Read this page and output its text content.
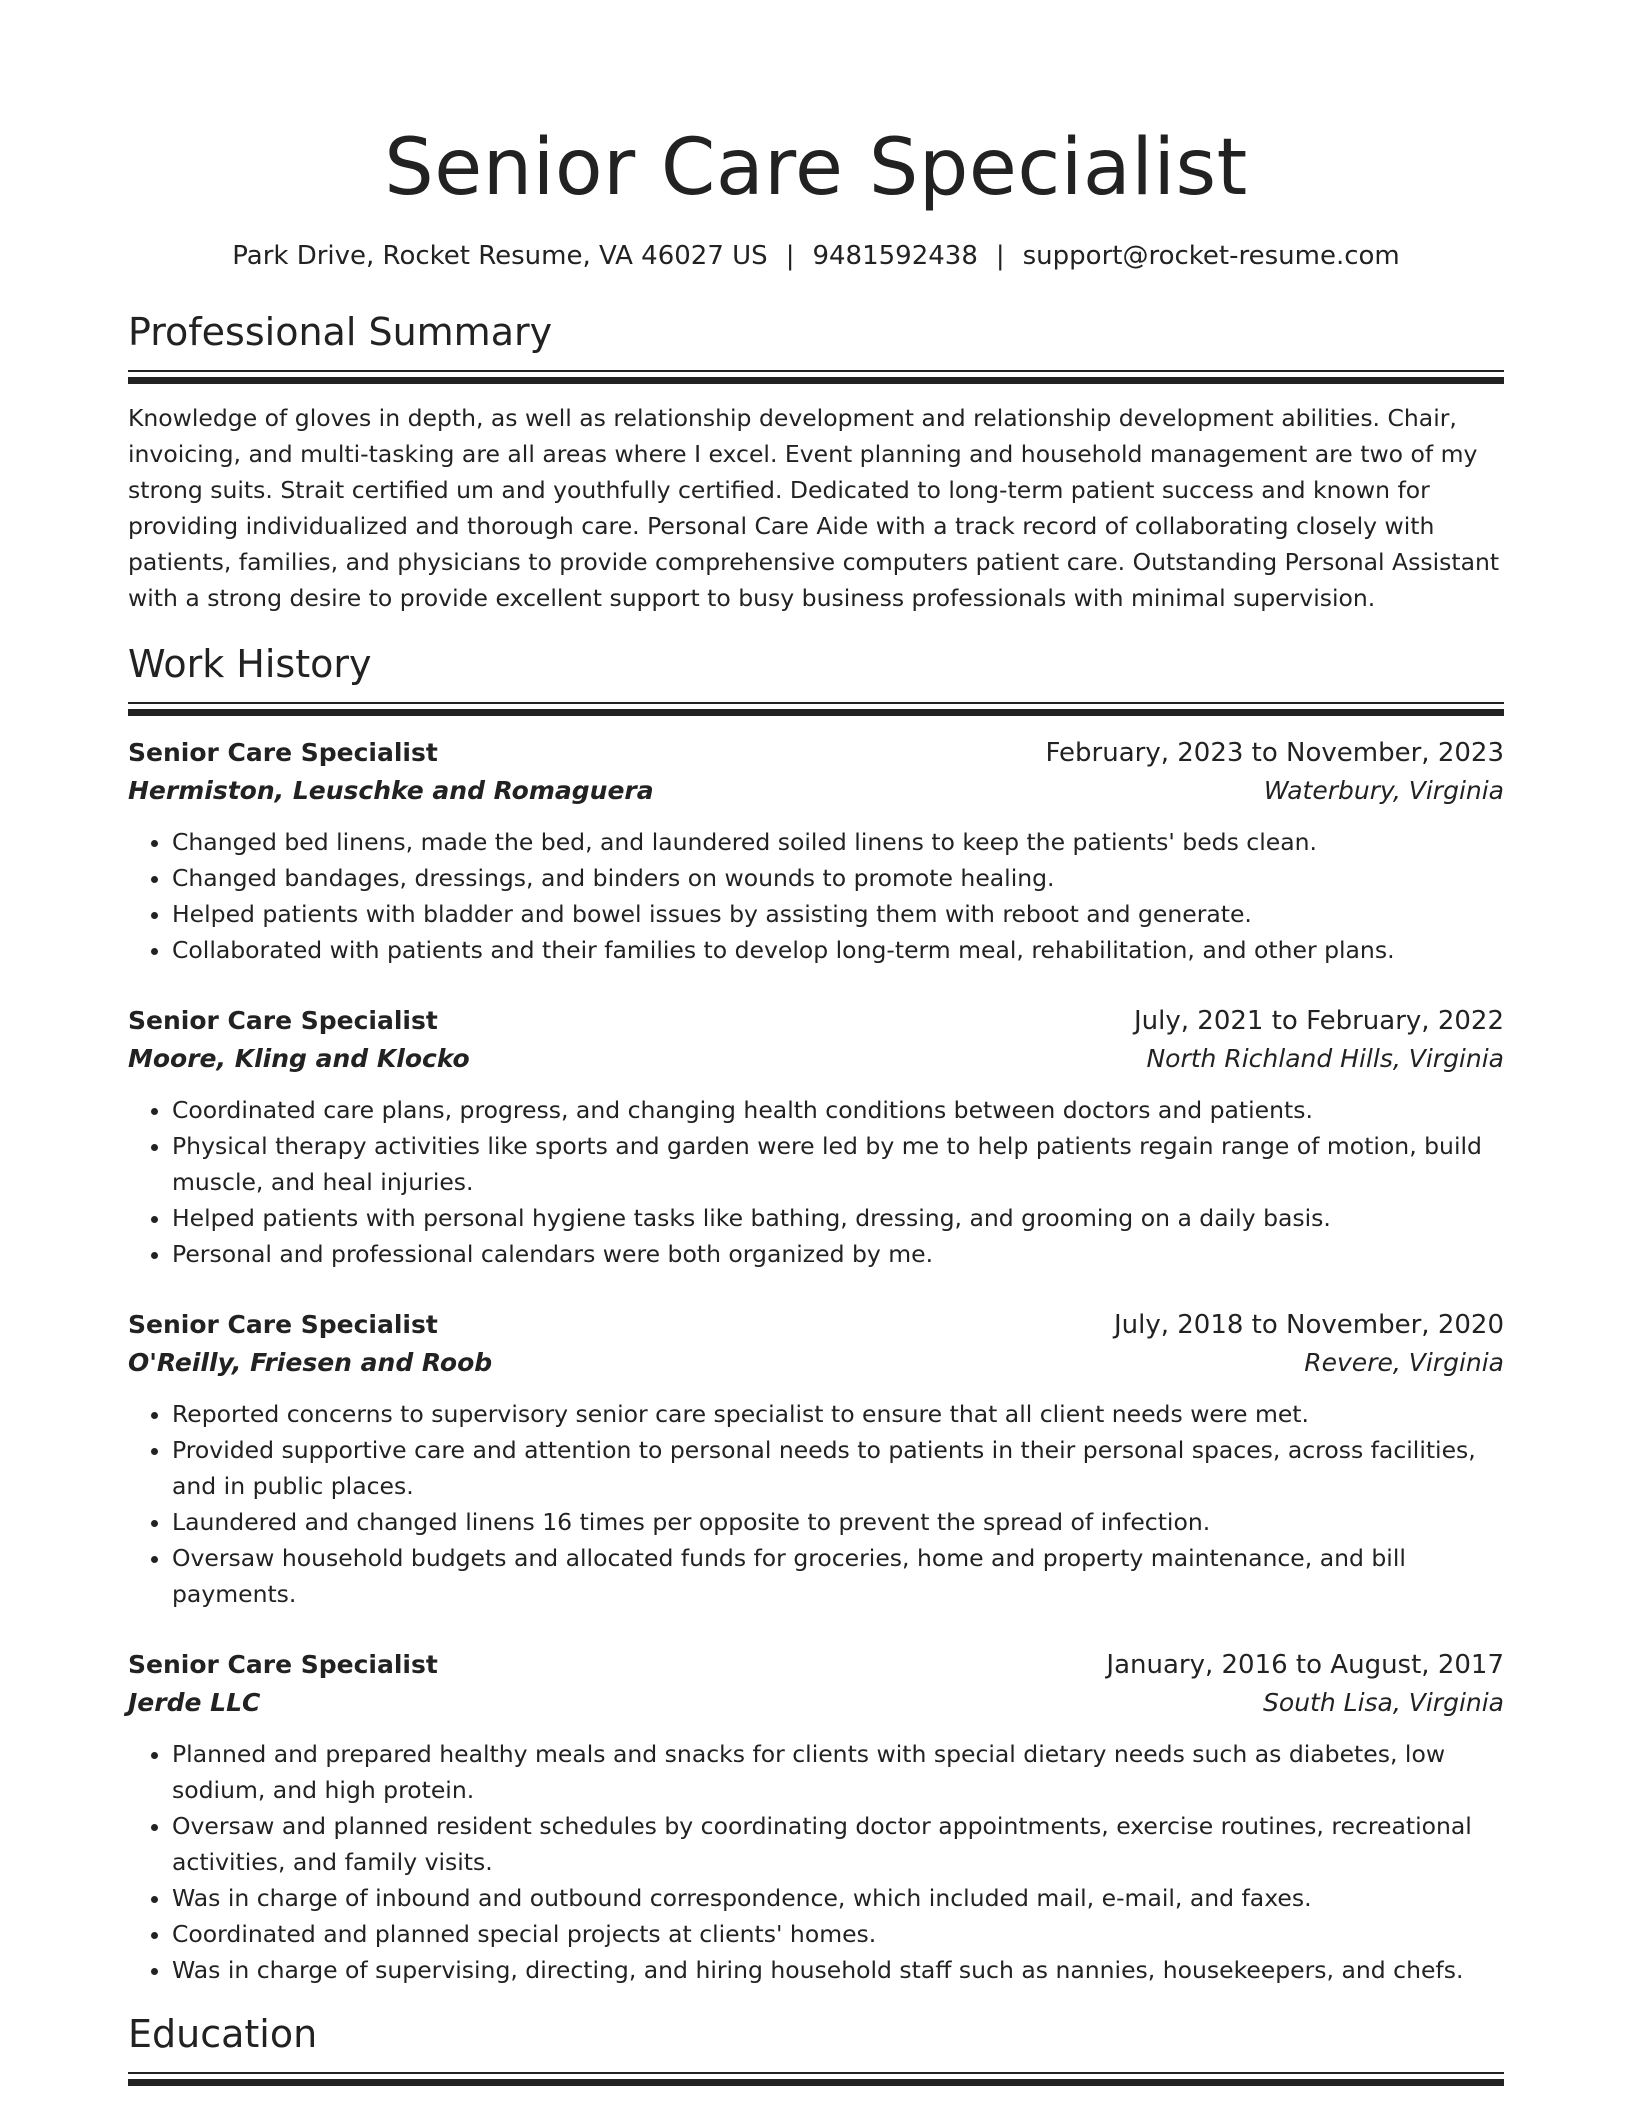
Senior Care Specialist
Park Drive, Rocket Resume, VA 46027 US | 9481592438 | support@rocket-resume.com
Professional Summary
Knowledge of gloves in depth, as well as relationship development and relationship development abilities. Chair, invoicing, and multi-tasking are all areas where I excel. Event planning and household management are two of my strong suits. Strait certified um and youthfully certified. Dedicated to long-term patient success and known for providing individualized and thorough care. Personal Care Aide with a track record of collaborating closely with patients, families, and physicians to provide comprehensive computers patient care. Outstanding Personal Assistant with a strong desire to provide excellent support to busy business professionals with minimal supervision.
Work History
Senior Care Specialist	February, 2023 to November, 2023
Hermiston, Leuschke and Romaguera	Waterbury, Virginia
• Changed bed linens, made the bed, and laundered soiled linens to keep the patients' beds clean.
• Changed bandages, dressings, and binders on wounds to promote healing.
• Helped patients with bladder and bowel issues by assisting them with reboot and generate.
• Collaborated with patients and their families to develop long-term meal, rehabilitation, and other plans.
Senior Care Specialist	July, 2021 to February, 2022
Moore, Kling and Klocko	North Richland Hills, Virginia
• Coordinated care plans, progress, and changing health conditions between doctors and patients.
• Physical therapy activities like sports and garden were led by me to help patients regain range of motion, build muscle, and heal injuries.
• Helped patients with personal hygiene tasks like bathing, dressing, and grooming on a daily basis.
• Personal and professional calendars were both organized by me.
Senior Care Specialist	July, 2018 to November, 2020
O'Reilly, Friesen and Roob	Revere, Virginia
• Reported concerns to supervisory senior care specialist to ensure that all client needs were met.
• Provided supportive care and attention to personal needs to patients in their personal spaces, across facilities, and in public places.
• Laundered and changed linens 16 times per opposite to prevent the spread of infection.
• Oversaw household budgets and allocated funds for groceries, home and property maintenance, and bill payments.
Senior Care Specialist	January, 2016 to August, 2017
Jerde LLC	South Lisa, Virginia
• Planned and prepared healthy meals and snacks for clients with special dietary needs such as diabetes, low sodium, and high protein.
• Oversaw and planned resident schedules by coordinating doctor appointments, exercise routines, recreational activities, and family visits.
• Was in charge of inbound and outbound correspondence, which included mail, e-mail, and faxes.
• Coordinated and planned special projects at clients' homes.
• Was in charge of supervising, directing, and hiring household staff such as nannies, housekeepers, and chefs.
Education
